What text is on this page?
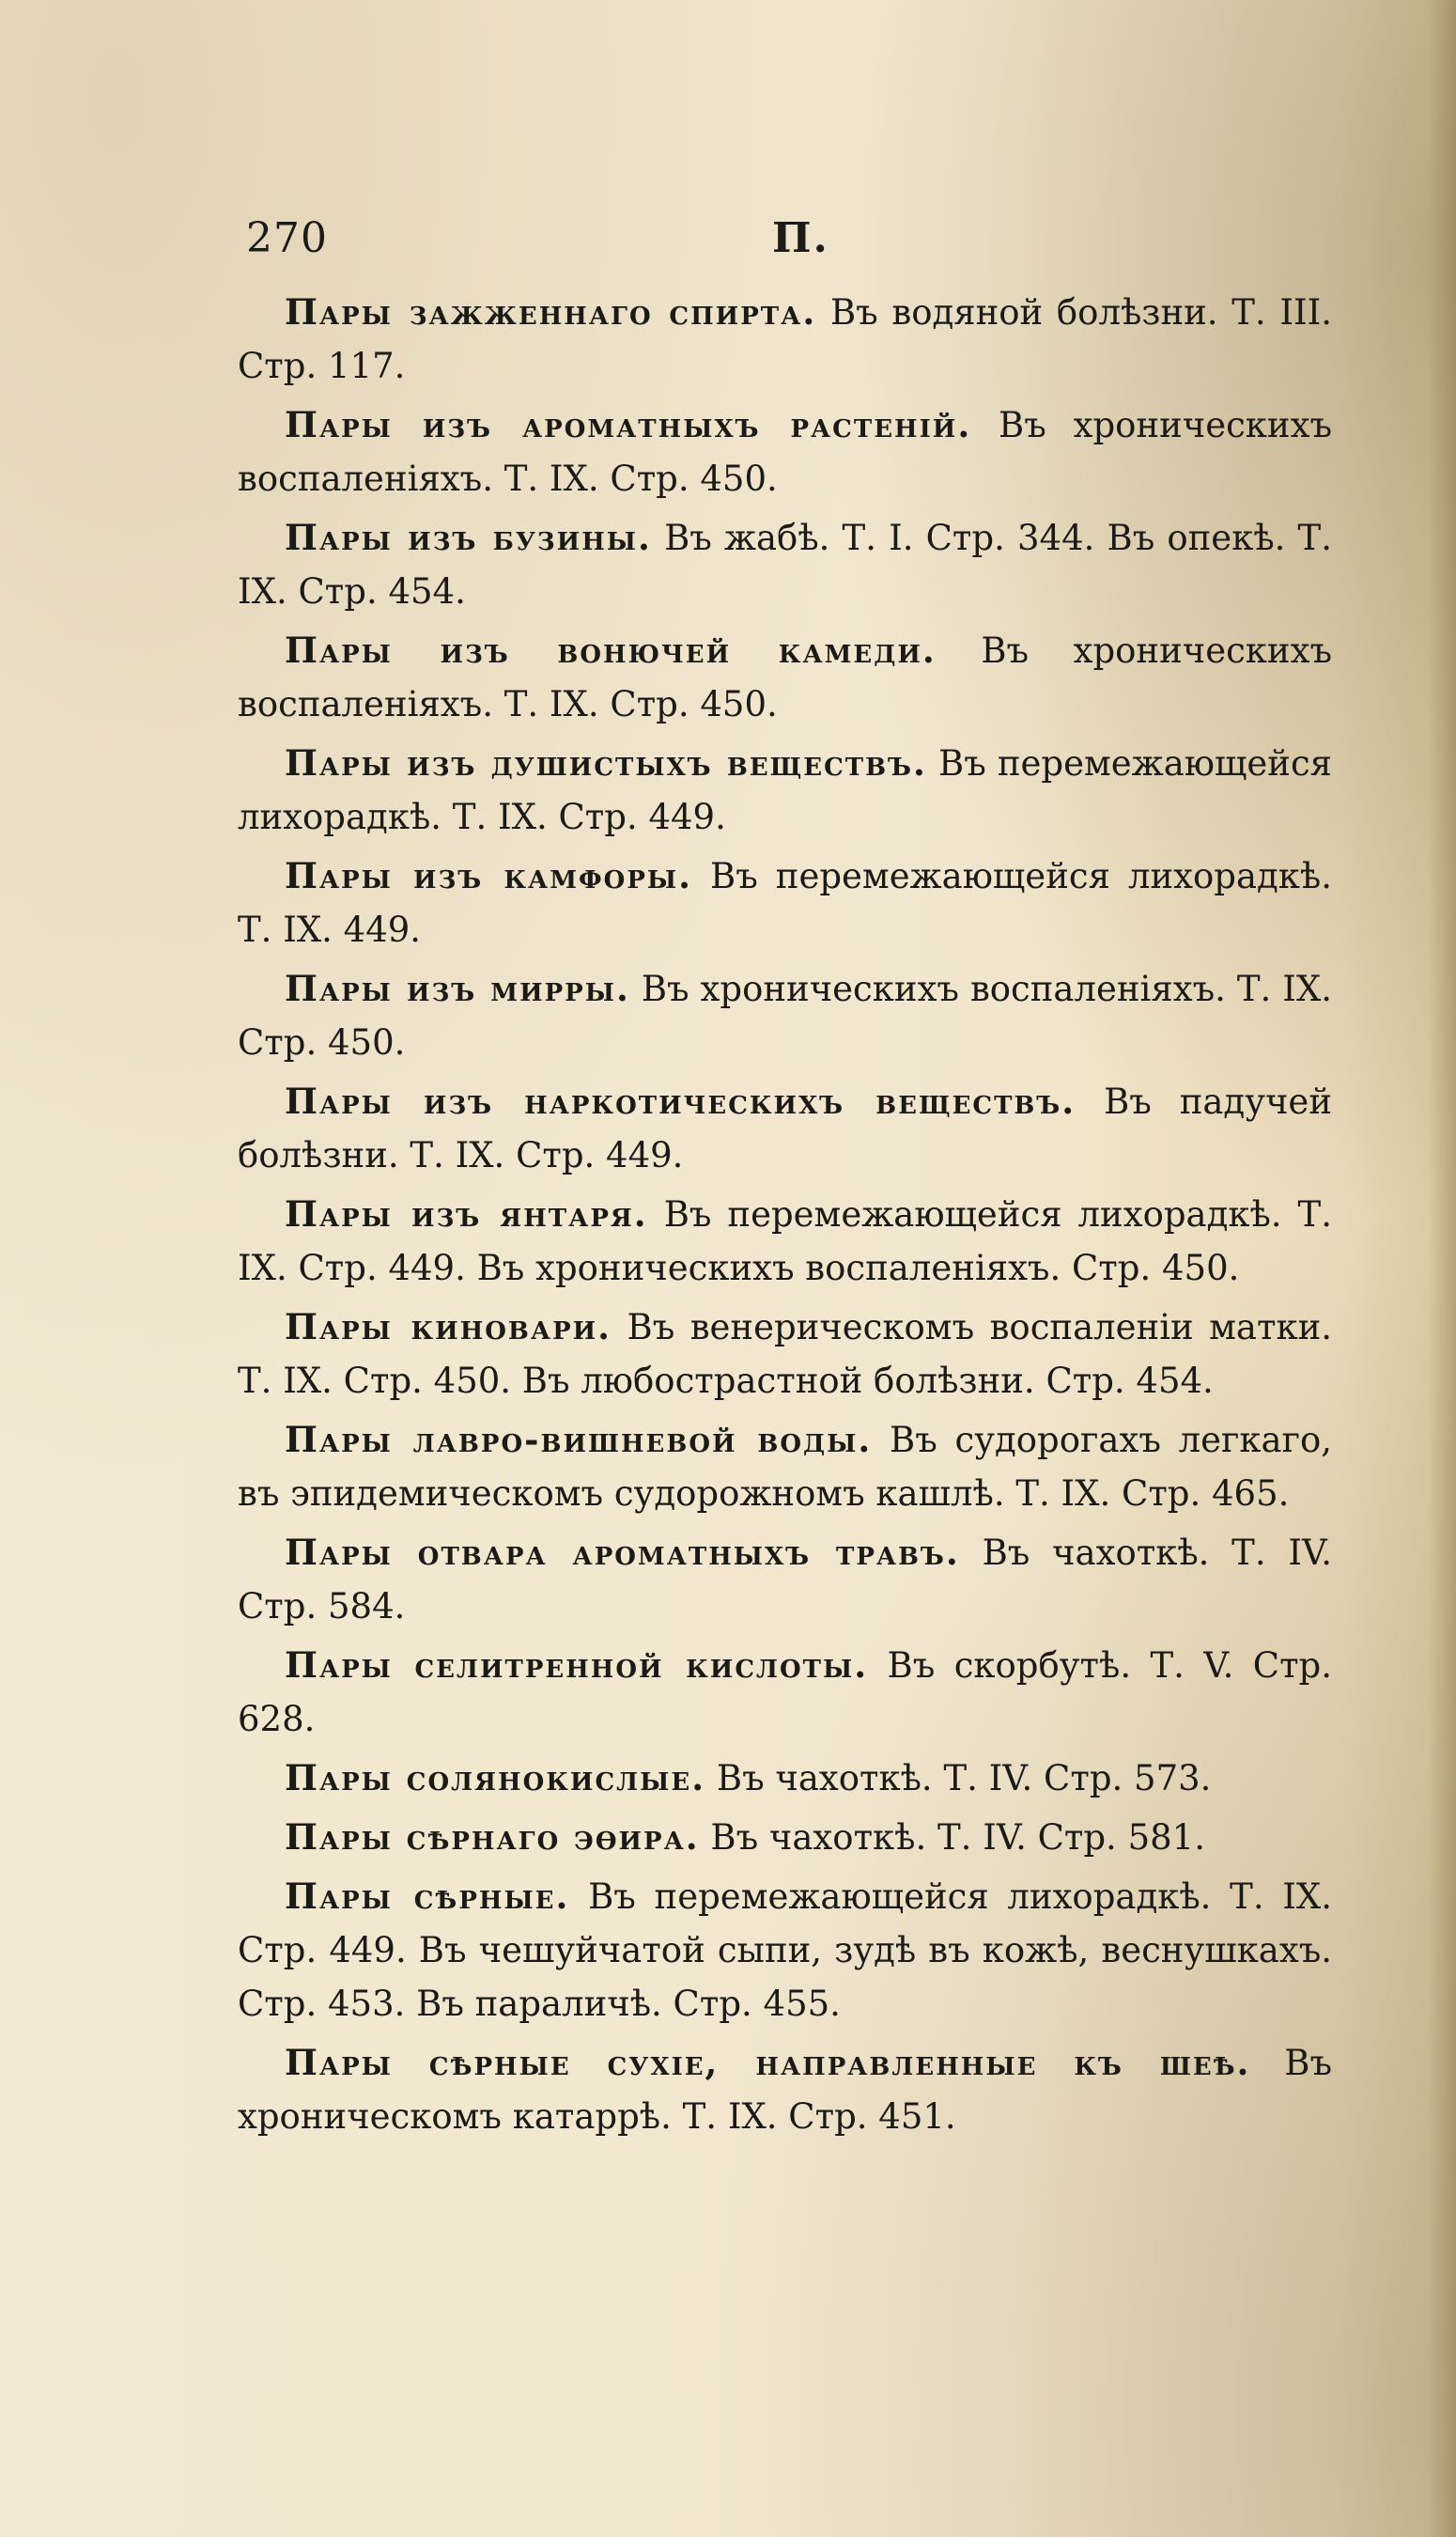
270	П.

Пары зажженнаго спирта. Въ водяной болѣзни. Т. III. Стр. 117.

Пары изъ ароматныхъ растеній. Въ хроническихъ воспаленіяхъ. Т. IX. Стр. 450.

Пары изъ бузины. Въ жабѣ. Т. I. Стр. 344. Въ опекѣ. Т. IX. Стр. 454.

Пары изъ вонючей камеди. Въ хроническихъ воспаленіяхъ. Т. IX. Стр. 450.

Пары изъ душистыхъ веществъ. Въ перемежающейся лихорадкѣ. Т. IX. Стр. 449.

Пары изъ камфоры. Въ перемежающейся лихорадкѣ. Т. IX. 449.

Пары изъ мирры. Въ хроническихъ воспаленіяхъ. Т. IX. Стр. 450.

Пары изъ наркотическихъ веществъ. Въ падучей болѣзни. Т. IX. Стр. 449.

Пары изъ янтаря. Въ перемежающейся лихорадкѣ. Т. IX. Стр. 449. Въ хроническихъ воспаленіяхъ. Стр. 450.

Пары киновари. Въ венерическомъ воспаленіи матки. Т. IX. Стр. 450. Въ любострастной болѣзни. Стр. 454.

Пары лавро-вишневой воды. Въ судорогахъ легкаго, въ эпидемическомъ судорожномъ кашлѣ. Т. IX. Стр. 465.

Пары отвара ароматныхъ травъ. Въ чахоткѣ. Т. IV. Стр. 584.

Пары селитренной кислоты. Въ скорбутѣ. Т. V. Стр. 628.

Пары солянокислые. Въ чахоткѣ. Т. IV. Стр. 573.

Пары сѣрнаго эѳира. Въ чахоткѣ. Т. IV. Стр. 581.

Пары сѣрные. Въ перемежающейся лихорадкѣ. Т. IX. Стр. 449. Въ чешуйчатой сыпи, зудѣ въ кожѣ, веснушкахъ. Стр. 453. Въ параличѣ. Стр. 455.

Пары сѣрные сухіе, направленные къ шеѣ. Въ хроническомъ катаррѣ. Т. IX. Стр. 451.
